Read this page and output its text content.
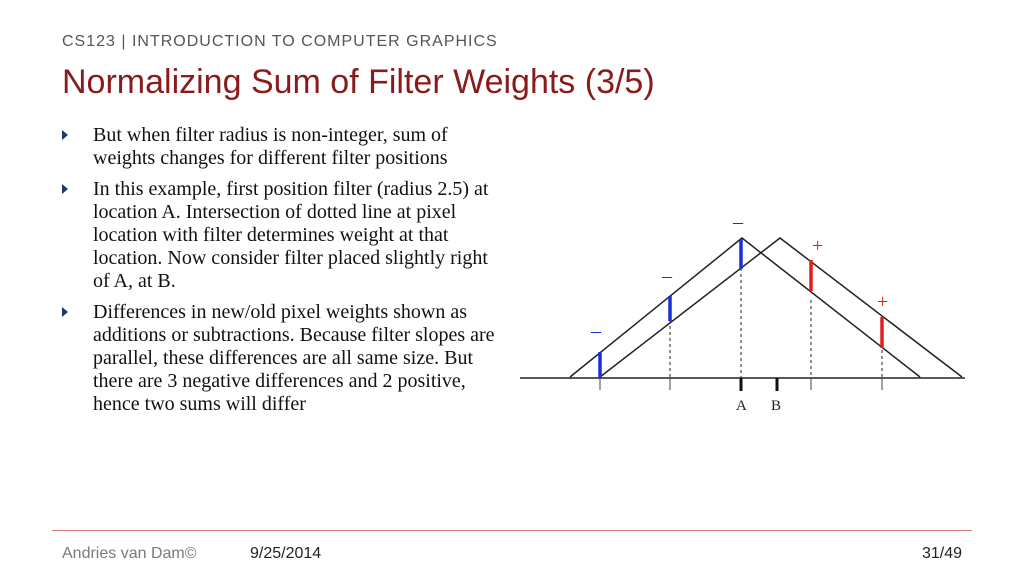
CS123 | INTRODUCTION TO COMPUTER GRAPHICS
Normalizing Sum of Filter Weights (3/5)
But when filter radius is non-integer, sum of weights changes for different filter positions
In this example, first position filter (radius 2.5) at location A. Intersection of dotted line at pixel location with filter determines weight at that location. Now consider filter placed slightly right of A, at B.
Differences in new/old pixel weights shown as additions or subtractions. Because filter slopes are parallel, these differences are all same size. But there are 3 negative differences and 2 positive, hence two sums will differ
–
–
–
+
+
A B
Andries van Dam©	9/25/2014	31/49
